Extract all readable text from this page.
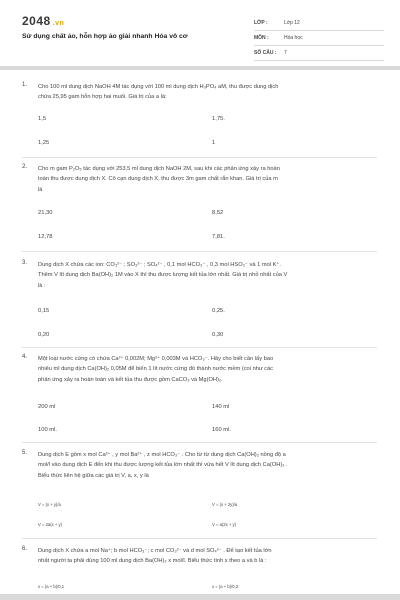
2048 .vn
Sử dụng chất ảo, hỗn hợp ảo giải nhanh Hóa vô cơ
LỚP :	Lớp 12
MÔN :	Hóa học
SỐ CÂU :	7
1. Cho 100 ml dung dịch NaOH 4M tác dụng với 100 ml dung dịch H₃PO₄ aM, thu được dung dịch
chứa 25,95 gam hỗn hợp hai muối. Giá trị của a là:
1,5	1,75.
1,25	1
2. Cho m gam P₂O₅ tác dụng với 253,5 ml dung dịch NaOH 2M, sau khi các phản ứng xảy ra hoàn
toàn thu được dung dịch X. Cô cạn dung dịch X, thu được 3m gam chất rắn khan. Giá trị của m
là
21,30	8,52
12,78	7,81.
3. Dung dịch X chứa các ion: CO₃²⁻ ; SO₃²⁻ ; SO₄²⁻ , 0,1 mol HCO₃⁻ , 0,3 mol HSO₃⁻ và 1 mol K⁺.
Thêm V lít dung dịch Ba(OH)₂ 1M vào X thì thu được lượng kết tủa lớn nhất. Giá trị nhỏ nhất của V
là :
0,15	0,25.
0,20	0,30
4. Một loại nước cứng có chứa Ca²⁺ 0,002M; Mg²⁺ 0,003M và HCO₃⁻. Hãy cho biết cần lấy bao
nhiêu ml dung dịch Ca(OH)₂ 0,05M để biến 1 lít nước cứng đó thành nước mềm (coi như các
phản ứng xảy ra hoàn toàn và kết tủa thu được gồm CaCO₃ và Mg(OH)₂.
200 ml	140 ml
100 ml.	160 ml.
5. Dung dịch E gồm x mol Ca²⁺ , y mol Ba²⁺ , z mol HCO₃⁻ . Cho từ từ dung dịch Ca(OH)₂ nồng độ a
mol/l vào dung dịch E đến khi thu được lượng kết tủa lớn nhất thì vừa hết V lít dung dịch Ca(OH)₂ .
Biểu thức liên hệ giữa các giá trị V, a, x, y là
V = (x + y)/a	V = (x + 2y)/a
V = 2a(x + y)	V = a(2x + y)
6. Dung dịch X chứa a mol Na⁺; b mol HCO₃⁻; c mol CO₃²⁻ và d mol SO₄²⁻ . Để tạo kết tủa lớn
nhất người ta phải dùng 100 ml dung dịch Ba(OH)₂ x mol/l. Biểu thức tính x theo a và b là :
x = (a + b)/0,1	x = (a + b)/0,2
